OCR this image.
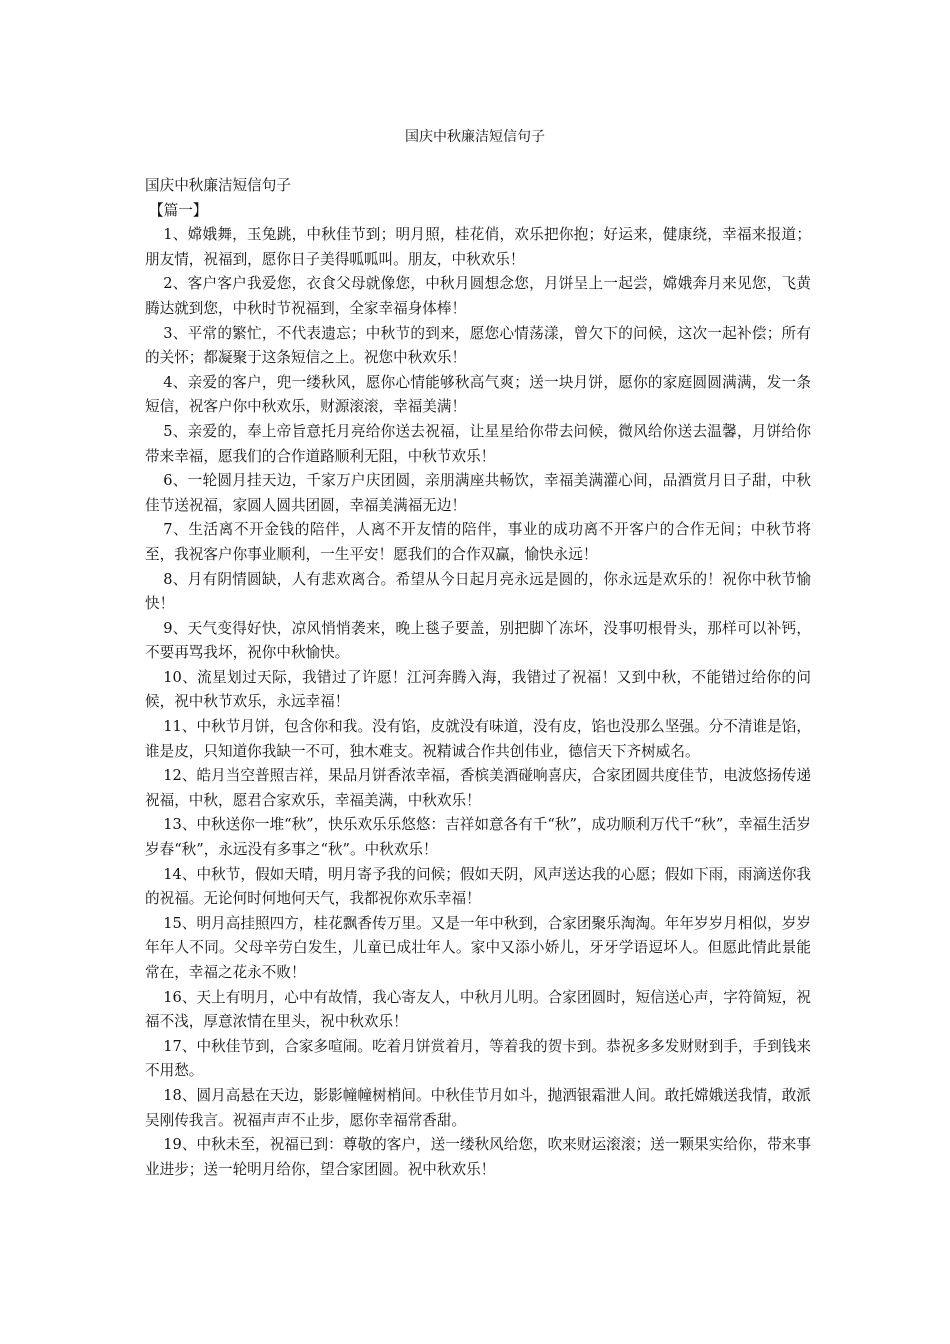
国庆中秋廉洁短信句子

国庆中秋廉洁短信句子

【篇一】

1、嫦娥舞，玉兔跳，中秋佳节到；明月照，桂花俏，欢乐把你抱；好运来，健康绕，幸福来报道；朋友情，祝福到，愿你日子美得呱呱叫。朋友，中秋欢乐！

2、客户客户我爱您，衣食父母就像您，中秋月圆想念您，月饼呈上一起尝，嫦娥奔月来见您，飞黄腾达就到您，中秋时节祝福到，全家幸福身体棒！

3、平常的繁忙，不代表遗忘；中秋节的到来，愿您心情荡漾，曾欠下的问候，这次一起补偿；所有的关怀；都凝聚于这条短信之上。祝您中秋欢乐！

4、亲爱的客户，兜一缕秋风，愿你心情能够秋高气爽；送一块月饼，愿你的家庭圆圆满满，发一条短信，祝客户你中秋欢乐，财源滚滚，幸福美满！

5、亲爱的，奉上帝旨意托月亮给你送去祝福，让星星给你带去问候，微风给你送去温馨，月饼给你带来幸福，愿我们的合作道路顺利无阻，中秋节欢乐！

6、一轮圆月挂天边，千家万户庆团圆，亲朋满座共畅饮，幸福美满灌心间，品酒赏月日子甜，中秋佳节送祝福，家圆人圆共团圆，幸福美满福无边！

7、生活离不开金钱的陪伴，人离不开友情的陪伴，事业的成功离不开客户的合作无间；中秋节将至，我祝客户你事业顺利，一生平安！愿我们的合作双赢，愉快永远！

8、月有阴情圆缺，人有悲欢离合。希望从今日起月亮永远是圆的，你永远是欢乐的！祝你中秋节愉快！

9、天气变得好快，凉风悄悄袭来，晚上毯子要盖，别把脚丫冻坏，没事叨根骨头，那样可以补钙，不要再骂我坏，祝你中秋愉快。

10、流星划过天际，我错过了许愿！江河奔腾入海，我错过了祝福！又到中秋，不能错过给你的问候，祝中秋节欢乐，永远幸福！

11、中秋节月饼，包含你和我。没有馅，皮就没有味道，没有皮，馅也没那么坚强。分不清谁是馅，谁是皮，只知道你我缺一不可，独木难支。祝精诚合作共创伟业，德信天下齐树威名。

12、皓月当空普照吉祥，果品月饼香浓幸福，香槟美酒碰响喜庆，合家团圆共度佳节，电波悠扬传递祝福，中秋，愿君合家欢乐，幸福美满，中秋欢乐！

13、中秋送你一堆“秋”，快乐欢乐乐悠悠：吉祥如意各有千“秋”，成功顺利万代千“秋”，幸福生活岁岁春“秋”，永远没有多事之“秋”。中秋欢乐！

14、中秋节，假如天晴，明月寄予我的问候；假如天阴，风声送达我的心愿；假如下雨，雨滴送你我的祝福。无论何时何地何天气，我都祝你欢乐幸福！

15、明月高挂照四方，桂花飘香传万里。又是一年中秋到，合家团聚乐淘淘。年年岁岁月相似，岁岁年年人不同。父母辛劳白发生，儿童已成壮年人。家中又添小娇儿，牙牙学语逗坏人。但愿此情此景能常在，幸福之花永不败！

16、天上有明月，心中有故情，我心寄友人，中秋月儿明。合家团圆时，短信送心声，字符简短，祝福不浅，厚意浓情在里头，祝中秋欢乐！

17、中秋佳节到，合家多喧闹。吃着月饼赏着月，等着我的贺卡到。恭祝多多发财财到手，手到钱来不用愁。

18、圆月高悬在天边，影影幢幢树梢间。中秋佳节月如斗，抛洒银霜泄人间。敢托嫦娥送我情，敢派吴刚传我言。祝福声声不止步，愿你幸福常香甜。

19、中秋未至，祝福已到：尊敬的客户，送一缕秋风给您，吹来财运滚滚；送一颗果实给你，带来事业进步；送一轮明月给你，望合家团圆。祝中秋欢乐！
